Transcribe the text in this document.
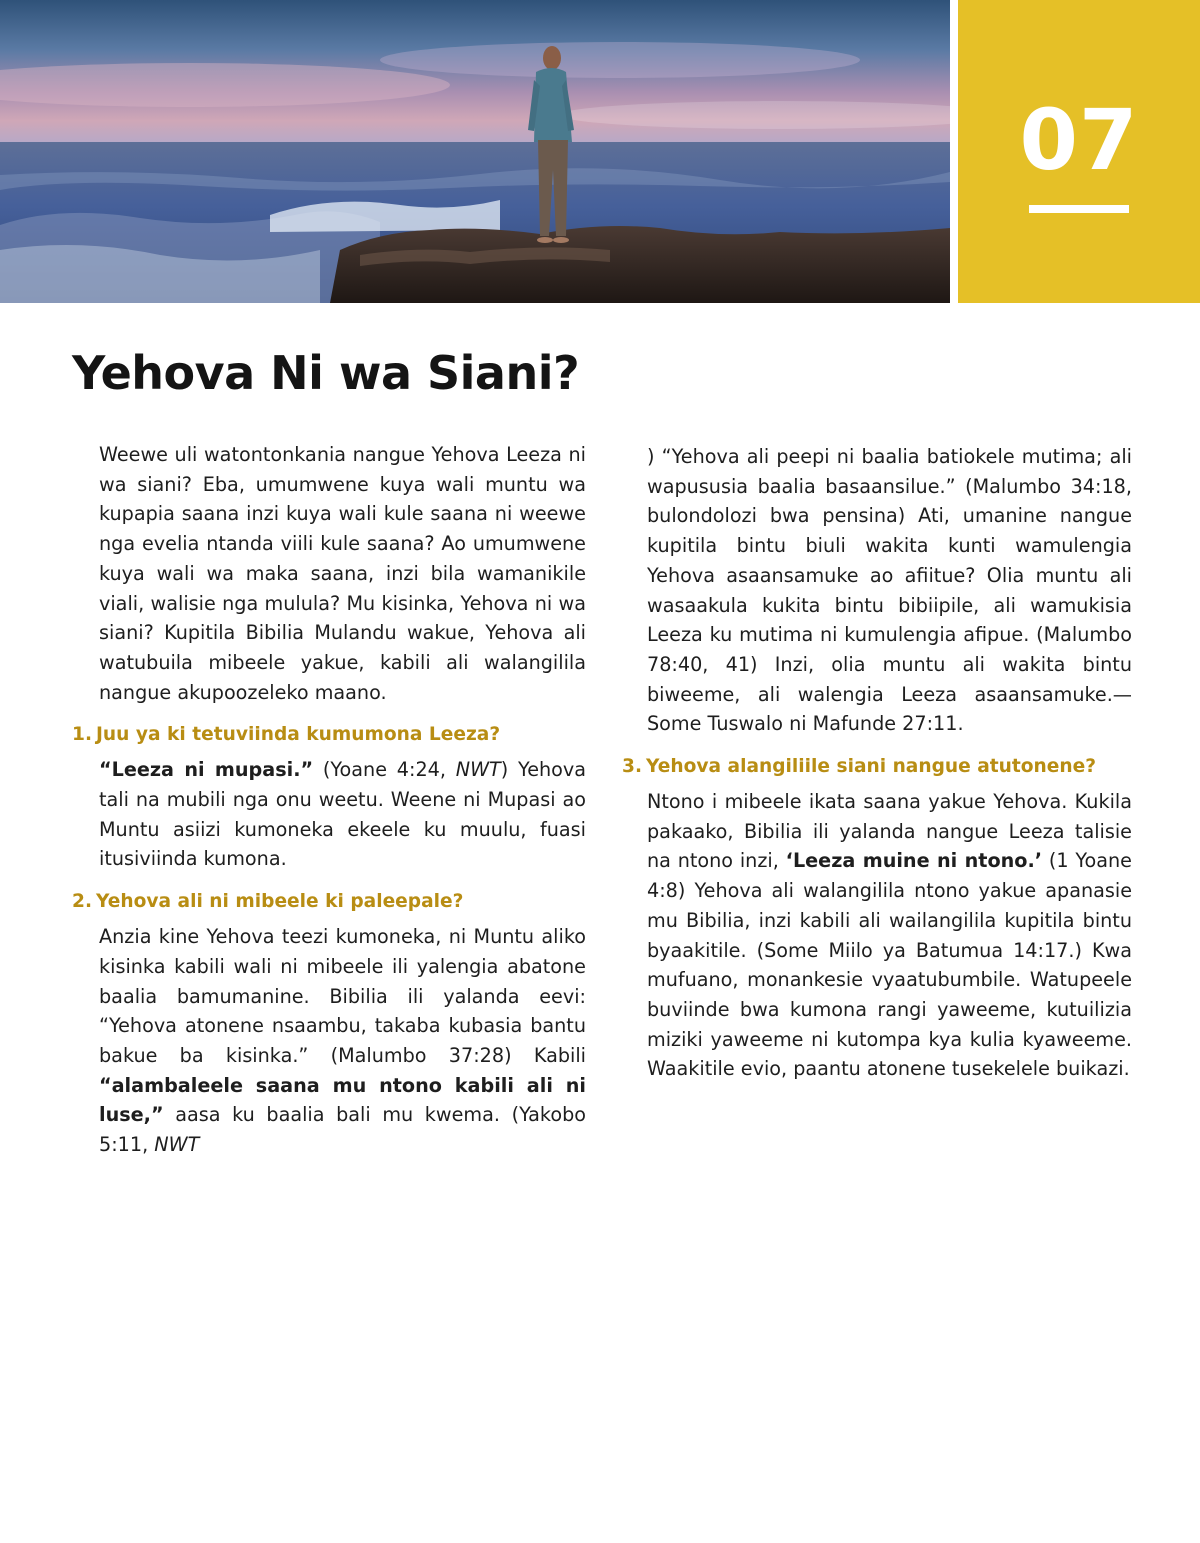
07
Yehova Ni wa Siani?

Weewe uli watontonkania nangue Yehova Leeza ni wa siani? Eba, umumwene kuya wali muntu wa kupapia saana inzi kuya wali kule saana ni weewe nga evelia ntanda viili kule saana? Ao umumwene kuya wali wa maka saana, inzi bila wamanikile viali, walisie nga mulula? Mu kisinka, Yehova ni wa siani? Kupitila Bibilia Mulandu wakue, Yehova ali watubuila mibeele yakue, kabili ali walangilila nangue akupoozeleko maano.

1. Juu ya ki tetuviinda kumumona Leeza?

“Leeza ni mupasi.” (Yoane 4:24, NWT) Yehova tali na mubili nga onu weetu. Weene ni Mupasi ao Muntu asiizi kumoneka ekeele ku muulu, fuasi itusiviinda kumona.

2. Yehova ali ni mibeele ki paleepale?

Anzia kine Yehova teezi kumoneka, ni Muntu aliko kisinka kabili wali ni mibeele ili yalengia abatone baalia bamumanine. Bibilia ili yalanda eevi: “Yehova atonene nsaambu, takaba kubasia bantu bakue ba kisinka.” (Malumbo 37:28) Kabili “alambaleele saana mu ntono kabili ali ni luse,” aasa ku baalia bali mu kwema. (Yakobo 5:11, NWT

) “Yehova ali peepi ni baalia batiokele mutima; ali wapususia baalia basaansilue.” (Malumbo 34:18, bulondolozi bwa pensina) Ati, umanine nangue kupitila bintu biuli wakita kunti wamulengia Yehova asaansamuke ao afiitue? Olia muntu ali wasaakula kukita bintu bibiipile, ali wamukisia Leeza ku mutima ni kumulengia afipue. (Malumbo 78:40, 41) Inzi, olia muntu ali wakita bintu biweeme, ali walengia Leeza asaansamuke.—Some Tuswalo ni Mafunde 27:11.

3. Yehova alangiliile siani nangue atutonene?

Ntono i mibeele ikata saana yakue Yehova. Kukila pakaako, Bibilia ili yalanda nangue Leeza talisie na ntono inzi, ‘Leeza muine ni ntono.’ (1 Yoane 4:8) Yehova ali walangilila ntono yakue apanasie mu Bibilia, inzi kabili ali wailangilila kupitila bintu byaakitile. (Some Miilo ya Batumua 14:17.) Kwa mufuano, monankesie vyaatubumbile. Watupeele buviinde bwa kumona rangi yaweeme, kutuilizia miziki yaweeme ni kutompa kya kulia kyaweeme. Waakitile evio, paantu atonene tusekelele buikazi.
